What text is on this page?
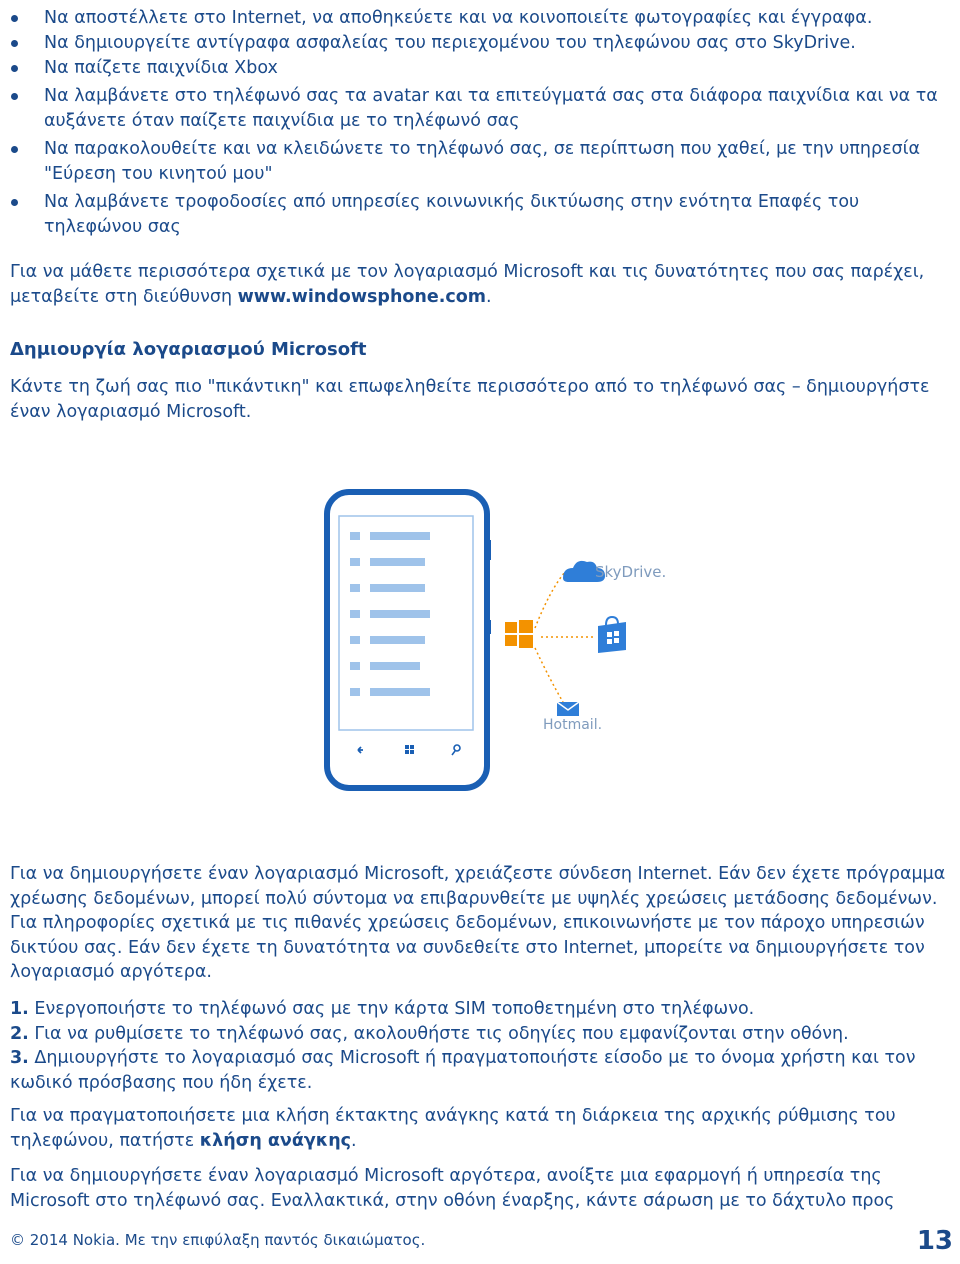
Να αποστέλλετε στο Internet, να αποθηκεύετε και να κοινοποιείτε φωτογραφίες και έγγραφα.
Να δημιουργείτε αντίγραφα ασφαλείας του περιεχομένου του τηλεφώνου σας στο SkyDrive.
Να παίζετε παιχνίδια Xbox
Να λαμβάνετε στο τηλέφωνό σας τα avatar και τα επιτεύγματά σας στα διάφορα παιχνίδια και να τα αυξάνετε όταν παίζετε παιχνίδια με το τηλέφωνό σας
Να παρακολουθείτε και να κλειδώνετε το τηλέφωνό σας, σε περίπτωση που χαθεί, με την υπηρεσία "Εύρεση του κινητού μου"
Να λαμβάνετε τροφοδοσίες από υπηρεσίες κοινωνικής δικτύωσης στην ενότητα Επαφές του τηλεφώνου σας

Για να μάθετε περισσότερα σχετικά με τον λογαριασμό Microsoft και τις δυνατότητες που σας παρέχει, μεταβείτε στη διεύθυνση www.windowsphone.com.

Δημιουργία λογαριασμού Microsoft

Κάντε τη ζωή σας πιο "πικάντικη" και επωφεληθείτε περισσότερο από το τηλέφωνό σας – δημιουργήστε έναν λογαριασμό Microsoft.

SkyDrive.
Hotmail.

Για να δημιουργήσετε έναν λογαριασμό Microsoft, χρειάζεστε σύνδεση Internet. Εάν δεν έχετε πρόγραμμα χρέωσης δεδομένων, μπορεί πολύ σύντομα να επιβαρυνθείτε με υψηλές χρεώσεις μετάδοσης δεδομένων. Για πληροφορίες σχετικά με τις πιθανές χρεώσεις δεδομένων, επικοινωνήστε με τον πάροχο υπηρεσιών δικτύου σας. Εάν δεν έχετε τη δυνατότητα να συνδεθείτε στο Internet, μπορείτε να δημιουργήσετε τον λογαριασμό αργότερα.

1. Ενεργοποιήστε το τηλέφωνό σας με την κάρτα SIM τοποθετημένη στο τηλέφωνο.
2. Για να ρυθμίσετε το τηλέφωνό σας, ακολουθήστε τις οδηγίες που εμφανίζονται στην οθόνη.
3. Δημιουργήστε το λογαριασμό σας Microsoft ή πραγματοποιήστε είσοδο με το όνομα χρήστη και τον κωδικό πρόσβασης που ήδη έχετε.

Για να πραγματοποιήσετε μια κλήση έκτακτης ανάγκης κατά τη διάρκεια της αρχικής ρύθμισης του τηλεφώνου, πατήστε κλήση ανάγκης.

Για να δημιουργήσετε έναν λογαριασμό Microsoft αργότερα, ανοίξτε μια εφαρμογή ή υπηρεσία της Microsoft στο τηλέφωνό σας. Εναλλακτικά, στην οθόνη έναρξης, κάντε σάρωση με το δάχτυλο προς

© 2014 Nokia. Με την επιφύλαξη παντός δικαιώματος.	13
